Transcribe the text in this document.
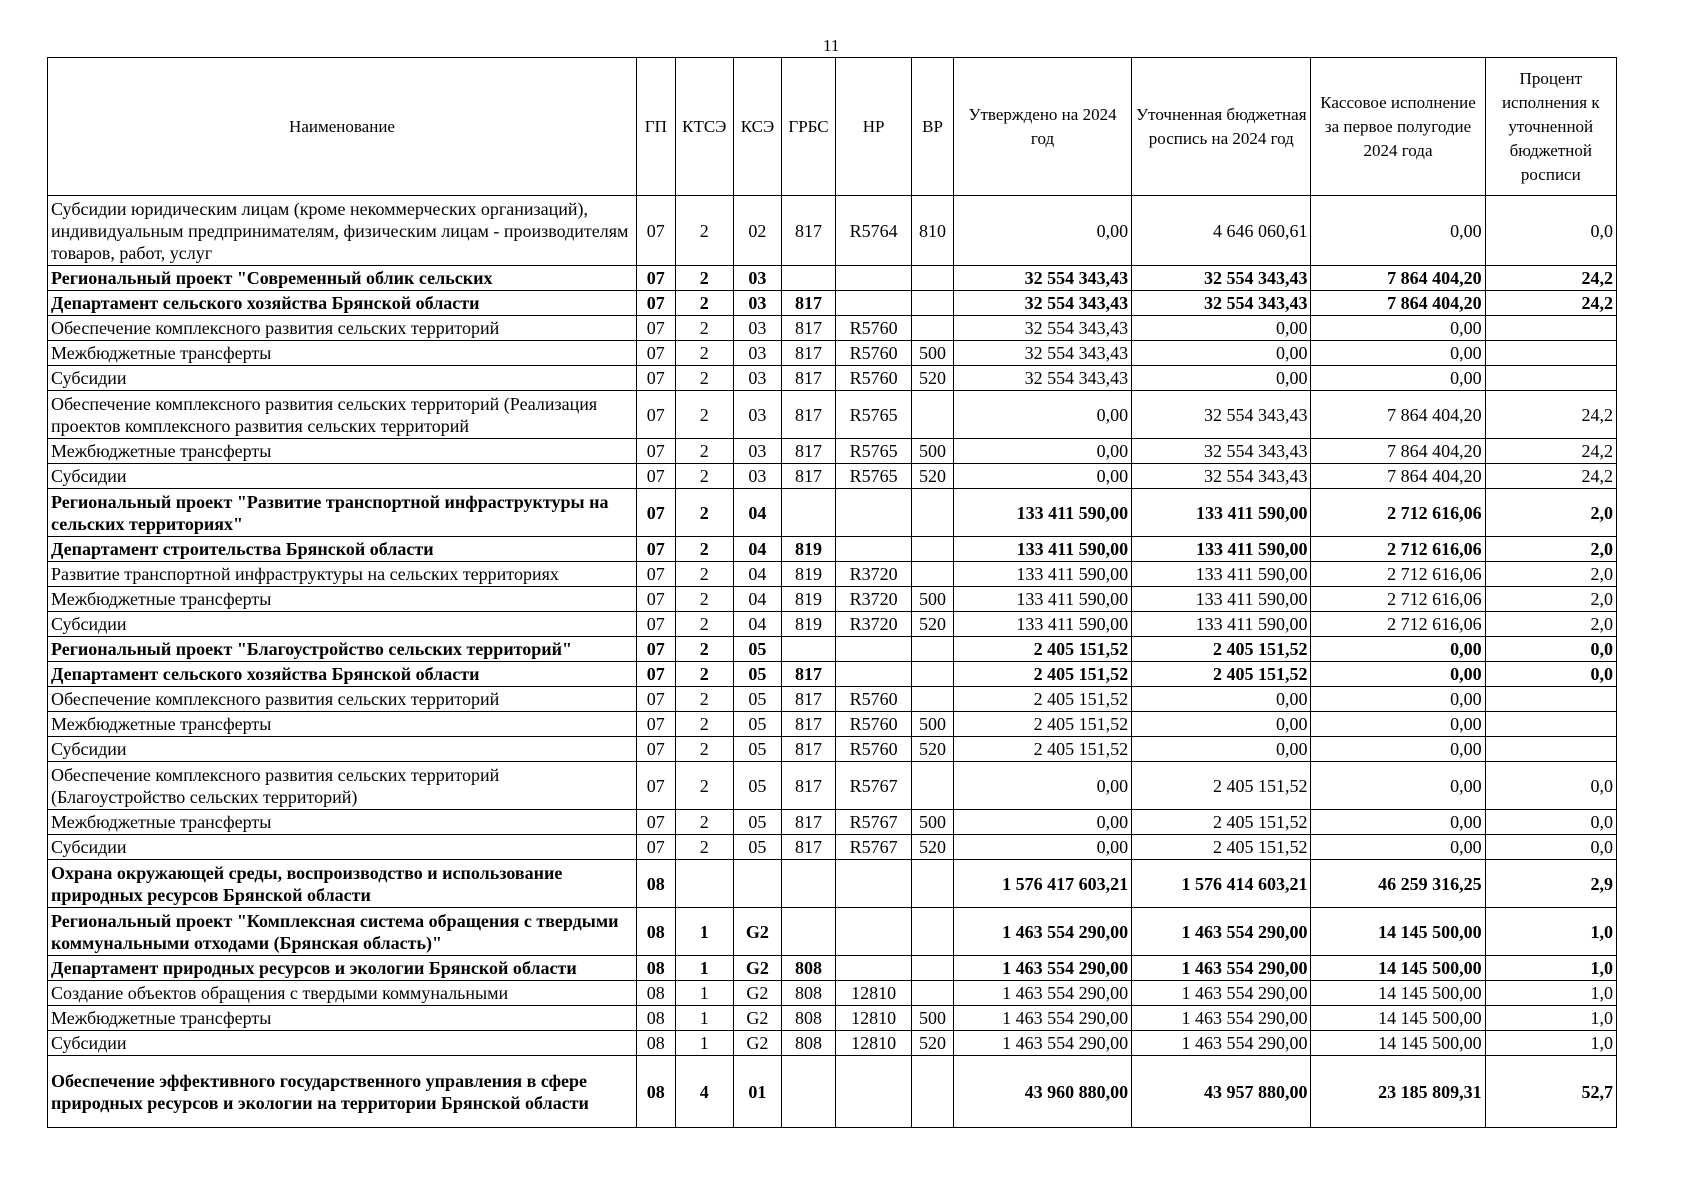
11
Наименование	ГП	КТСЭ	КСЭ	ГРБС	НР	ВР	Утверждено на 2024 год	Уточненная бюджетная роспись на 2024 год	Кассовое исполнение за первое полугодие 2024 года	Процент исполнения к уточненной бюджетной росписи
Субсидии юридическим лицам (кроме некоммерческих организаций), индивидуальным предпринимателям, физическим лицам - производителям товаров, работ, услуг	07	2	02	817	R5764	810	0,00	4 646 060,61	0,00	0,0
Региональный проект "Современный облик сельских	07	2	03				32 554 343,43	32 554 343,43	7 864 404,20	24,2
Департамент сельского хозяйства Брянской области	07	2	03	817			32 554 343,43	32 554 343,43	7 864 404,20	24,2
Обеспечение комплексного развития сельских территорий	07	2	03	817	R5760		32 554 343,43	0,00	0,00	
Межбюджетные трансферты	07	2	03	817	R5760	500	32 554 343,43	0,00	0,00	
Субсидии	07	2	03	817	R5760	520	32 554 343,43	0,00	0,00	
Обеспечение комплексного развития сельских территорий (Реализация проектов комплексного развития сельских территорий	07	2	03	817	R5765		0,00	32 554 343,43	7 864 404,20	24,2
Межбюджетные трансферты	07	2	03	817	R5765	500	0,00	32 554 343,43	7 864 404,20	24,2
Субсидии	07	2	03	817	R5765	520	0,00	32 554 343,43	7 864 404,20	24,2
Региональный проект "Развитие транспортной инфраструктуры на сельских территориях"	07	2	04				133 411 590,00	133 411 590,00	2 712 616,06	2,0
Департамент строительства Брянской области	07	2	04	819			133 411 590,00	133 411 590,00	2 712 616,06	2,0
Развитие транспортной инфраструктуры на сельских территориях	07	2	04	819	R3720		133 411 590,00	133 411 590,00	2 712 616,06	2,0
Межбюджетные трансферты	07	2	04	819	R3720	500	133 411 590,00	133 411 590,00	2 712 616,06	2,0
Субсидии	07	2	04	819	R3720	520	133 411 590,00	133 411 590,00	2 712 616,06	2,0
Региональный проект "Благоустройство сельских территорий"	07	2	05				2 405 151,52	2 405 151,52	0,00	0,0
Департамент сельского хозяйства Брянской области	07	2	05	817			2 405 151,52	2 405 151,52	0,00	0,0
Обеспечение комплексного развития сельских территорий	07	2	05	817	R5760		2 405 151,52	0,00	0,00	
Межбюджетные трансферты	07	2	05	817	R5760	500	2 405 151,52	0,00	0,00	
Субсидии	07	2	05	817	R5760	520	2 405 151,52	0,00	0,00	
Обеспечение комплексного развития сельских территорий (Благоустройство сельских территорий)	07	2	05	817	R5767		0,00	2 405 151,52	0,00	0,0
Межбюджетные трансферты	07	2	05	817	R5767	500	0,00	2 405 151,52	0,00	0,0
Субсидии	07	2	05	817	R5767	520	0,00	2 405 151,52	0,00	0,0
Охрана окружающей среды, воспроизводство и использование природных ресурсов Брянской области	08						1 576 417 603,21	1 576 414 603,21	46 259 316,25	2,9
Региональный проект "Комплексная система обращения с твердыми коммунальными отходами (Брянская область)"	08	1	G2				1 463 554 290,00	1 463 554 290,00	14 145 500,00	1,0
Департамент природных ресурсов и экологии Брянской области	08	1	G2	808			1 463 554 290,00	1 463 554 290,00	14 145 500,00	1,0
Создание объектов обращения с твердыми коммунальными	08	1	G2	808	12810		1 463 554 290,00	1 463 554 290,00	14 145 500,00	1,0
Межбюджетные трансферты	08	1	G2	808	12810	500	1 463 554 290,00	1 463 554 290,00	14 145 500,00	1,0
Субсидии	08	1	G2	808	12810	520	1 463 554 290,00	1 463 554 290,00	14 145 500,00	1,0
Обеспечение эффективного государственного управления в сфере природных ресурсов и экологии на территории Брянской области	08	4	01				43 960 880,00	43 957 880,00	23 185 809,31	52,7
